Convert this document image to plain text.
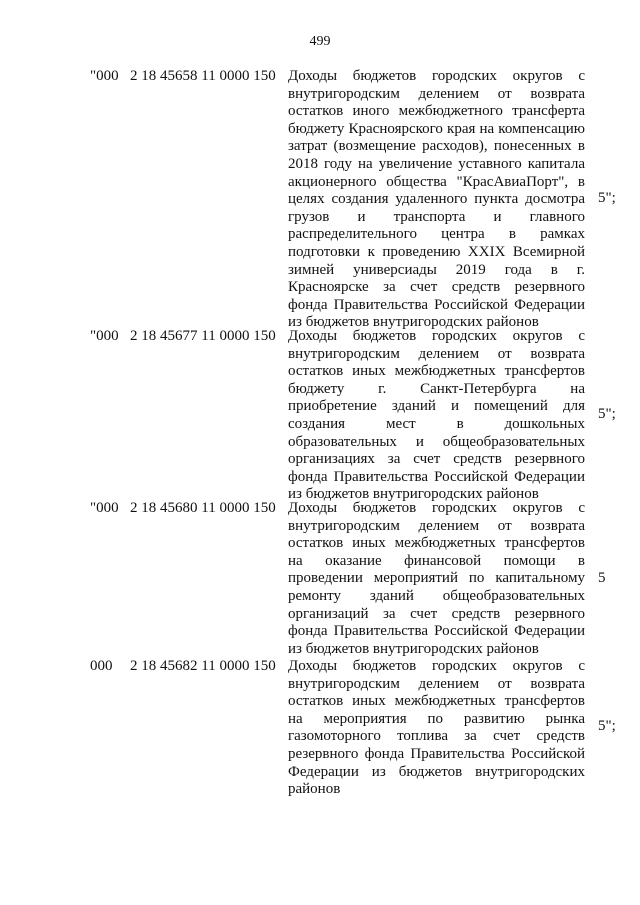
499
"000 2 18 45658 11 0000 150 Доходы бюджетов городских округов с внутригородским делением от возврата остатков иного межбюджетного трансферта бюджету Красноярского края на компенсацию затрат (возмещение расходов), понесенных в 2018 году на увеличение уставного капитала акционерного общества "КрасАвиаПорт", в целях создания удаленного пункта досмотра грузов и транспорта и главного распределительного центра в рамках подготовки к проведению XXIX Всемирной зимней универсиады 2019 года в г. Красноярске за счет средств резервного фонда Правительства Российской Федерации из бюджетов внутригородских районов
5";
"000 2 18 45677 11 0000 150 Доходы бюджетов городских округов с внутригородским делением от возврата остатков иных межбюджетных трансфертов бюджету г. Санкт-Петербурга на приобретение зданий и помещений для создания мест в дошкольных образовательных и общеобразовательных организациях за счет средств резервного фонда Правительства Российской Федерации из бюджетов внутригородских районов
5";
"000 2 18 45680 11 0000 150 Доходы бюджетов городских округов с внутригородским делением от возврата остатков иных межбюджетных трансфертов на оказание финансовой помощи в проведении мероприятий по капитальному ремонту зданий общеобразовательных организаций за счет средств резервного фонда Правительства Российской Федерации из бюджетов внутригородских районов
5
000 2 18 45682 11 0000 150 Доходы бюджетов городских округов с внутригородским делением от возврата остатков иных межбюджетных трансфертов на мероприятия по развитию рынка газомоторного топлива за счет средств резервного фонда Правительства Российской Федерации из бюджетов внутригородских районов
5";
